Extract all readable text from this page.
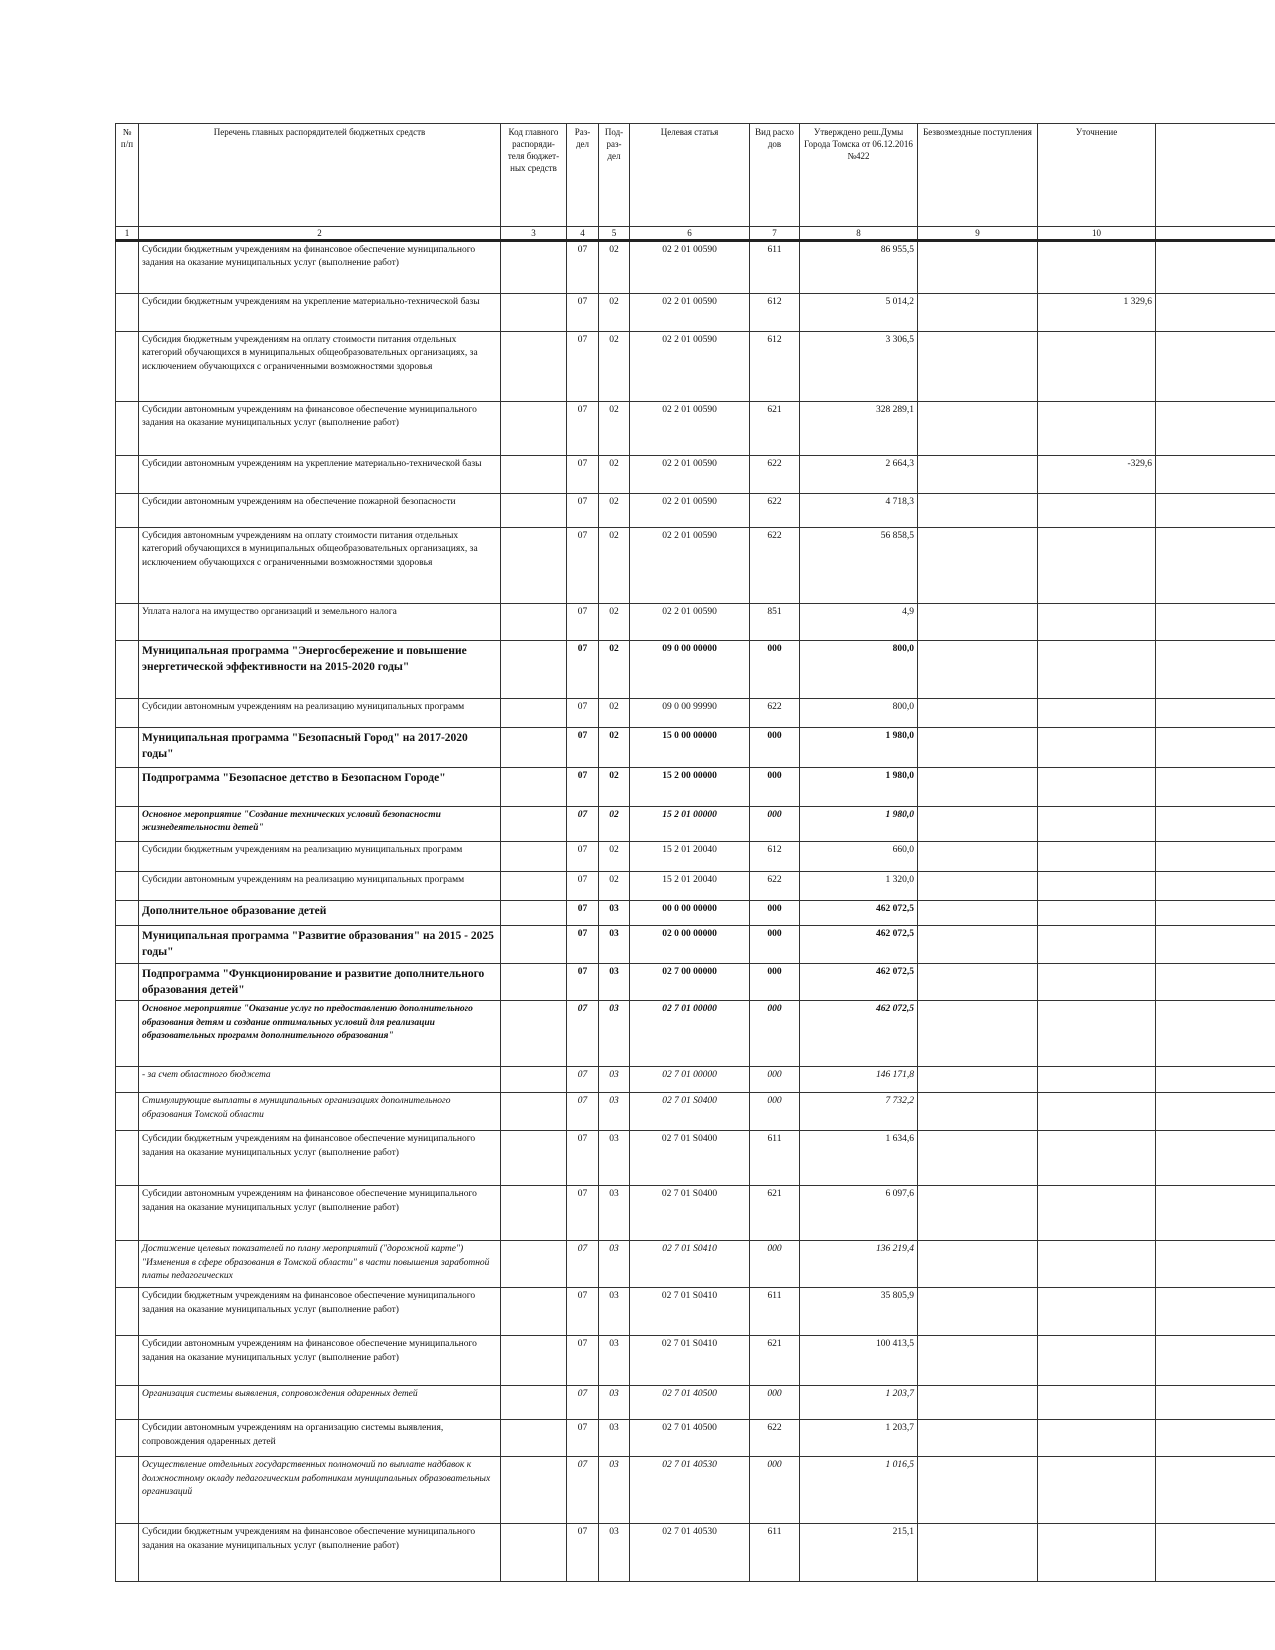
№ п/п	Перечень главных распорядителей бюджетных средств	Код главного распоряди-теля бюджет-ных средств	Раз-дел	Под-раз-дел	Целевая статья	Вид расхо дов	Утверждено реш.Думы Города Томска от 06.12.2016 №422	Безвозмездные поступления	Уточнение	
1	2	3	4	5	6	7	8	9	10	
	Субсидии бюджетным учреждениям на финансовое обеспечение муниципального задания на оказание муниципальных услуг (выполнение работ)		07	02	02 2 01 00590	611	86 955,5			
	Субсидии бюджетным учреждениям на укрепление материально-технической базы		07	02	02 2 01 00590	612	5 014,2		1 329,6	
	Субсидия бюджетным учреждениям на оплату стоимости питания отдельных категорий обучающихся в муниципальных общеобразовательных организациях, за исключением обучающихся с ограниченными возможностями здоровья		07	02	02 2 01 00590	612	3 306,5			
	Субсидии автономным учреждениям на финансовое обеспечение муниципального задания на оказание муниципальных услуг (выполнение работ)		07	02	02 2 01 00590	621	328 289,1			
	Субсидии автономным учреждениям на укрепление материально-технической базы		07	02	02 2 01 00590	622	2 664,3		-329,6	
	Субсидии автономным учреждениям на обеспечение пожарной безопасности		07	02	02 2 01 00590	622	4 718,3			
	Субсидия автономным учреждениям на оплату стоимости питания отдельных категорий обучающихся в муниципальных общеобразовательных организациях, за исключением обучающихся с ограниченными возможностями здоровья		07	02	02 2 01 00590	622	56 858,5			
	Уплата налога на имущество организаций и земельного налога		07	02	02 2 01 00590	851	4,9			
	Муниципальная программа "Энергосбережение и повышение энергетической эффективности на 2015-2020 годы"		07	02	09 0 00 00000	000	800,0			
	Субсидии автономным учреждениям на реализацию муниципальных программ		07	02	09 0 00 99990	622	800,0			
	Муниципальная программа "Безопасный Город" на 2017-2020 годы"		07	02	15 0 00 00000	000	1 980,0			
	Подпрограмма "Безопасное детство в Безопасном Городе"		07	02	15 2 00 00000	000	1 980,0			
	Основное мероприятие "Создание технических условий безопасности жизнедеятельности детей"		07	02	15 2 01 00000	000	1 980,0			
	Субсидии бюджетным учреждениям на реализацию муниципальных программ		07	02	15 2 01 20040	612	660,0			
	Субсидии автономным учреждениям на реализацию муниципальных программ		07	02	15 2 01 20040	622	1 320,0			
	Дополнительное образование детей		07	03	00 0 00 00000	000	462 072,5			
	Муниципальная программа "Развитие образования" на 2015 - 2025 годы"		07	03	02 0 00 00000	000	462 072,5			
	Подпрограмма "Функционирование и развитие дополнительного образования детей"		07	03	02 7 00 00000	000	462 072,5			
	Основное мероприятие "Оказание услуг по предоставлению дополнительного образования детям и создание оптимальных условий для реализации образовательных программ дополнительного образования"		07	03	02 7 01 00000	000	462 072,5			
	- за счет областного бюджета		07	03	02 7 01 00000	000	146 171,8			
	Стимулирующие выплаты в муниципальных организациях дополнительного образования Томской области		07	03	02 7 01 S0400	000	7 732,2			
	Субсидии бюджетным учреждениям на финансовое обеспечение муниципального задания на оказание муниципальных услуг (выполнение работ)		07	03	02 7 01 S0400	611	1 634,6			
	Субсидии автономным учреждениям на финансовое обеспечение муниципального задания на оказание муниципальных услуг (выполнение работ)		07	03	02 7 01 S0400	621	6 097,6			
	Достижение целевых показателей по плану мероприятий ("дорожной карте") "Изменения в сфере образования в Томской области" в части повышения заработной платы педагогических		07	03	02 7 01 S0410	000	136 219,4			
	Субсидии бюджетным учреждениям на финансовое обеспечение муниципального задания на оказание муниципальных услуг (выполнение работ)		07	03	02 7 01 S0410	611	35 805,9			
	Субсидии автономным учреждениям на финансовое обеспечение муниципального задания на оказание муниципальных услуг (выполнение работ)		07	03	02 7 01 S0410	621	100 413,5			
	Организация системы выявления, сопровождения одаренных детей		07	03	02 7 01 40500	000	1 203,7			
	Субсидии автономным учреждениям на организацию системы выявления, сопровождения одаренных детей		07	03	02 7 01 40500	622	1 203,7			
	Осуществление отдельных государственных полномочий по выплате надбавок к должностному окладу педагогическим работникам муниципальных образовательных организаций		07	03	02 7 01 40530	000	1 016,5			
	Субсидии бюджетным учреждениям на финансовое обеспечение муниципального задания на оказание муниципальных услуг (выполнение работ)		07	03	02 7 01 40530	611	215,1			
